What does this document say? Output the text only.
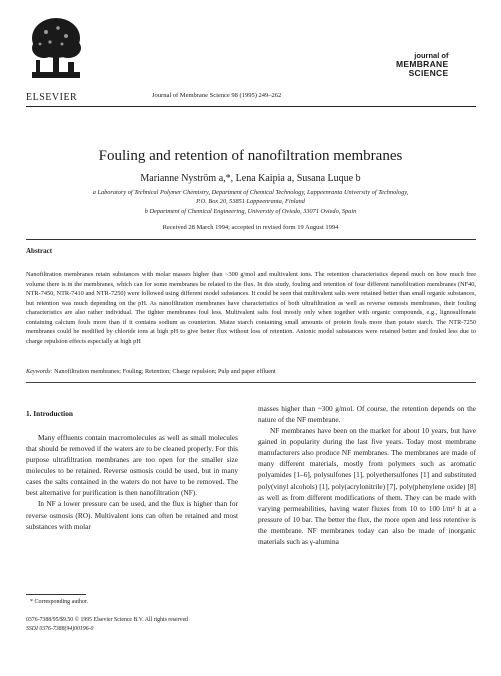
ELSEVIER	Journal of Membrane Science 98 (1995) 249–262
journal of
MEMBRANE
SCIENCE
Fouling and retention of nanofiltration membranes
Marianne Nyström a,*, Lena Kaipia a, Susana Luque b
a Laboratory of Technical Polymer Chemistry, Department of Chemical Technology, Lappeenranta University of Technology,
P.O. Box 20, 53851 Lappeenranta, Finland
b Department of Chemical Engineering, University of Oviedo, 33071 Oviedo, Spain
Received 28 March 1994; accepted in revised form 19 August 1994
Abstract
Nanofiltration membranes retain substances with molar masses higher than ~300 g/mol and multivalent ions. The retention characteristics depend much on how much free volume there is in the membranes, which can for some membranes be related to the flux. In this study, fouling and retention of four different nanofiltration membranes (NF40, NTR-7450, NTR-7410 and NTR-7250) were followed using different model substances. It could be seen that multivalent salts were retained better than small organic substances, but retention was much depending on the pH. As nanofiltration membranes have characteristics of both ultrafiltration as well as reverse osmosis membranes, their fouling characteristics are also rather individual. The tighter membranes foul less. Multivalent salts foul mostly only when together with organic compounds, e.g., lignosulfonate containing calcium fouls more than if it contains sodium as counterion. Maize starch containing small amounts of protein fouls more than potato starch. The NTR-7250 membranes could be modified by chloride ions at high pH to give better flux without loss of retention. Anionic model substances were retained better and fouled less due to charge repulsion effects especially at high pH
Keywords: Nanofiltration membranes; Fouling; Retention; Charge repulsion; Pulp and paper effluent
1. Introduction

Many effluents contain macromolecules as well as small molecules that should be removed if the waters are to be cleaned properly. For this purpose ultrafiltration membranes are too open for the smaller size molecules to be retained. Reverse osmosis could be used, but in many cases the salts contained in the waters do not have to be removed. The best alternative for purification is then nanofiltration (NF).

In NF a lower pressure can be used, and the flux is higher than for reverse osmosis (RO). Multivalent ions can often be retained and most substances with molar

masses higher than ~300 g/mol. Of course, the retention depends on the nature of the NF membrane.

NF membranes have been on the market for about 10 years, but have gained in popularity during the last five years. Today most membrane manufacturers also produce NF membranes. The membranes are made of many different materials, mostly from polymers such as aromatic polyamides [1–6], polysulfones [1], polyethersulfones [1] and substituted poly(vinyl alcohols) [1], poly(acrylonitrile) [7], poly(phenylene oxide) [8] as well as from different modifications of them. They can be made with varying permeabilities, having water fluxes from 10 to 100 l/m² h at a pressure of 10 bar. The better the flux, the more open and less retentive is the membrane. NF membranes today can also be made of inorganic materials such as γ-alumina

* Corresponding author.
0376-7388/95/$9.50 © 1995 Elsevier Science B.V. All rights reserved
SSDI 0376-7388(94)00196-0
